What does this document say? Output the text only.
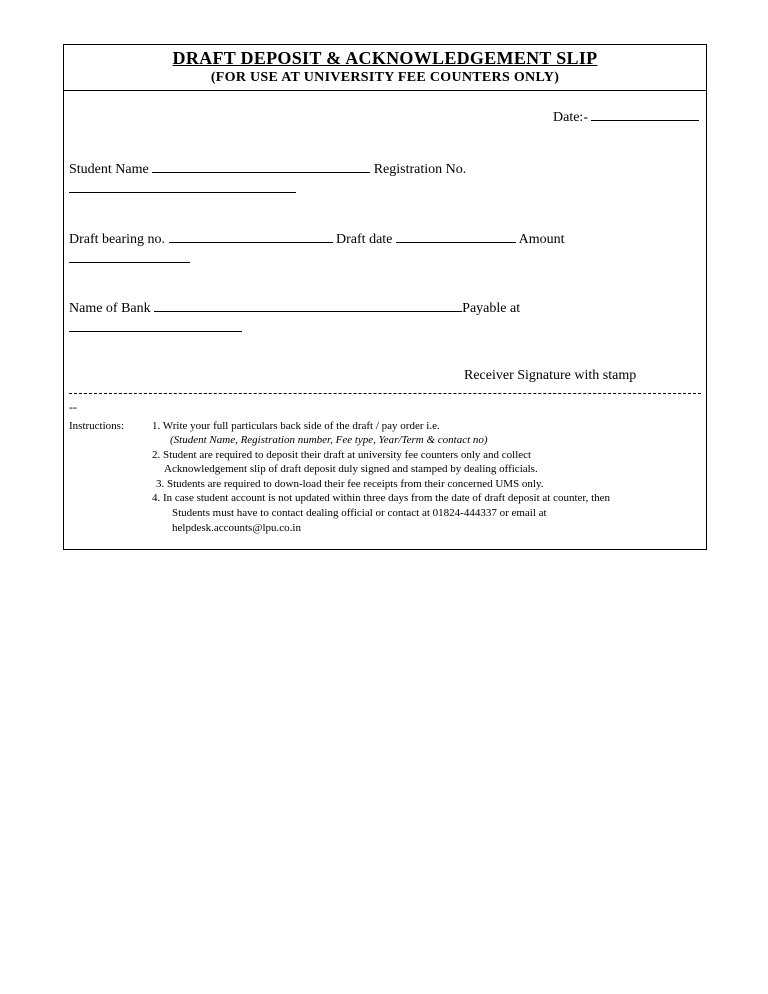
DRAFT DEPOSIT & ACKNOWLEDGEMENT SLIP
(FOR USE AT UNIVERSITY FEE COUNTERS ONLY)
Date:-
Student Name	Registration No.
Draft bearing no.	Draft date	Amount
Name of Bank	Payable at
Receiver Signature with stamp
--
Instructions:	1. Write your full particulars back side of the draft / pay order i.e.
(Student Name, Registration number, Fee type, Year/Term & contact no)
2. Student are required to deposit their draft at university fee counters only and collect
Acknowledgement slip of draft deposit duly signed and stamped by dealing officials.
3. Students are required to down-load their fee receipts from their concerned UMS only.
4. In case student account is not updated within three days from the date of draft deposit at counter, then
Students must have to contact dealing official or contact at 01824-444337 or email at
helpdesk.accounts@lpu.co.in
